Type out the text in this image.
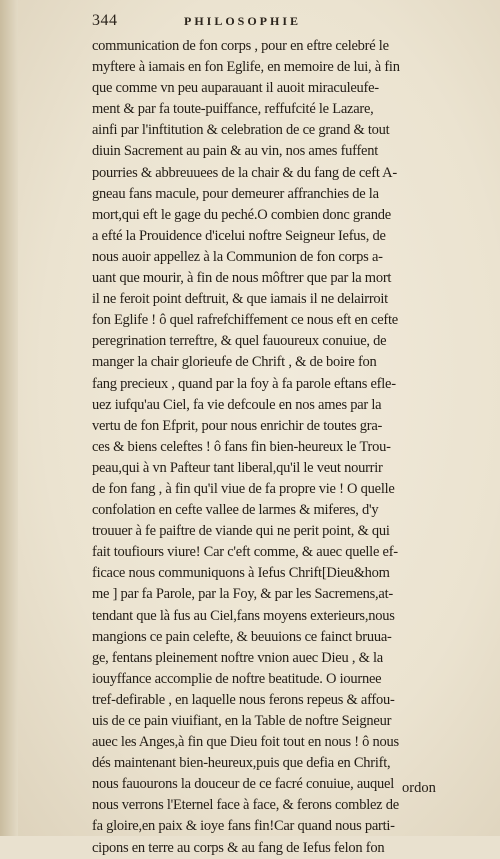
344	PHILOSOPHIE
communication de fon corps , pour en eftre celebré le
myftere à iamais en fon Eglife, en memoire de lui, à fin
que comme vn peu auparauant il auoit miraculeufe-
ment & par fa toute-puiffance, reffufcité le Lazare,
ainfi par l'inftitution & celebration de ce grand & tout
diuin Sacrement au pain & au vin, nos ames fuffent
pourries & abbreuuees de la chair & du fang de ceft A-
gneau fans macule, pour demeurer affranchies de la
mort,qui eft le gage du peché.O combien donc grande
a efté la Prouidence d'icelui noftre Seigneur Iefus, de
nous auoir appellez à la Communion de fon corps a-
uant que mourir, à fin de nous môftrer que par la mort
il ne feroit point deftruit, & que iamais il ne delairroit
fon Eglife ! ô quel rafrefchiffement ce nous eft en cefte
peregrination terreftre, & quel fauoureux conuiue, de
manger la chair glorieufe de Chrift , & de boire fon
fang precieux , quand par la foy à fa parole eftans efle-
uez iufqu'au Ciel, fa vie defcoule en nos ames par la
vertu de fon Efprit, pour nous enrichir de toutes gra-
ces & biens celeftes ! ô fans fin bien-heureux le Trou-
peau,qui à vn Pafteur tant liberal,qu'il le veut nourrir
de fon fang , à fin qu'il viue de fa propre vie ! O quelle
confolation en cefte vallee de larmes & miferes, d'y
trouuer à fe paiftre de viande qui ne perit point, & qui
fait toufiours viure! Car c'eft comme, & auec quelle ef-
ficace nous communiquons à Iefus Chrift[Dieu&hom
me ] par fa Parole, par la Foy, & par les Sacremens,at-
tendant que là fus au Ciel,fans moyens exterieurs,nous
mangions ce pain celefte, & beuuions ce fainct bruua-
ge, fentans pleinement noftre vnion auec Dieu , & la
iouyffance accomplie de noftre beatitude. O iournee
tref-defirable , en laquelle nous ferons repeus & affou-
uis de ce pain viuifiant, en la Table de noftre Seigneur
auec les Anges,à fin que Dieu foit tout en nous ! ô nous
dés maintenant bien-heureux,puis que defia en Chrift,
nous fauourons la douceur de ce facré conuiue, auquel
nous verrons l'Eternel face à face, & ferons comblez de
fa gloire,en paix & ioye fans fin!Car quand nous parti-
cipons en terre au corps & au fang de Iefus felon fon
ordon
